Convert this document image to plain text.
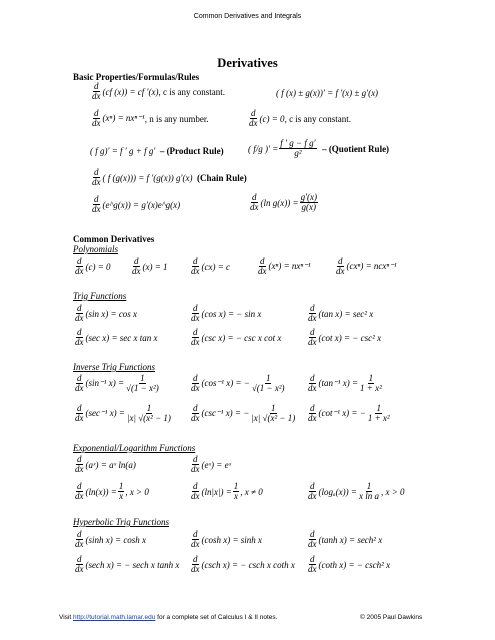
Common Derivatives and Integrals
Derivatives
Basic Properties/Formulas/Rules
d
dx (cf (x)) = cf ′(x) , c is any constant.	( f (x) ± g(x))′ = f ′(x) ± g′(x)
d
dx (xⁿ) = nxⁿ⁻¹ , n is any number.
d
dx (c) = 0 , c is any constant.
( f g)′ = f ′ g + f g′
– (Product Rule)	( f/g )′ = $\frac{\text{f ′ g − f g′}}{\text{g²}}$
– (Quotient Rule)
d
dx ( f (g(x))) = f ′(g(x)) g′(x)
(Chain Rule)
d
dx (e^g(x)) = g′(x)e^g(x)
d
dx (ln $g(x)) = \frac{g'(x)}{g(x)}$
Common Derivatives
Polynomials
d
dx (c) = 0
d
dx (x) = 1
d
dx (cx) = c
d
dx (xⁿ) = nxⁿ⁻¹
d
dx (cxⁿ) = ncxⁿ⁻¹
Trig Functions
d
dx (sin x) = cos x
d
dx (cos x) = − sin x
d
dx (tan x) = sec² x
d
dx (sec x) = sec x tan x
d
dx (csc x) = − csc x cot x
d
dx (cot x) = − csc² x
Inverse Trig Functions
d
dx (sin⁻¹ $x) = \frac{1}{\text{√(1 − x²)}}$	d
dx (cos⁻¹ x) = − $\frac{1}{\text{√(1 − x²)}}$	d
dx (tan⁻¹ $x) = \frac{1}{\text{1 + x²}}$
d
dx (sec⁻¹ $x) = \frac{1}{\text{|x| √(x² − 1)}}$ d
dx (csc⁻¹ x) = − $\frac{1}{\text{|x| √(x² − 1)}}$ d
dx (cot⁻¹ x) = − $\frac{1}{\text{1 + x²}}$
Exponential/Logarithm Functions
d
dx (aˣ) = aˣ ln(a)
d
dx (eˣ) = eˣ
d
dx $(\ln(x)) = \frac{1}{x}$ , x > 0
d
dx $(\ln|x|) = \frac{1}{x}$ , x ≠ 0
d
dx $(\log_a(x)) = \frac{1}{\text{x ln a}}$ , x > 0
Hyperbolic Trig Functions
d
dx (sinh x) = cosh x
d
dx (cosh x) = sinh x
d
dx (tanh x) = sech² x
d
dx (sech x) = − sech x tanh x
d
dx (csch x) = − csch x coth x
d
dx (coth x) = − csch² x
Visit http://tutorial.math.lamar.edu for a complete set of Calculus I & II notes.	© 2005 Paul Dawkins
